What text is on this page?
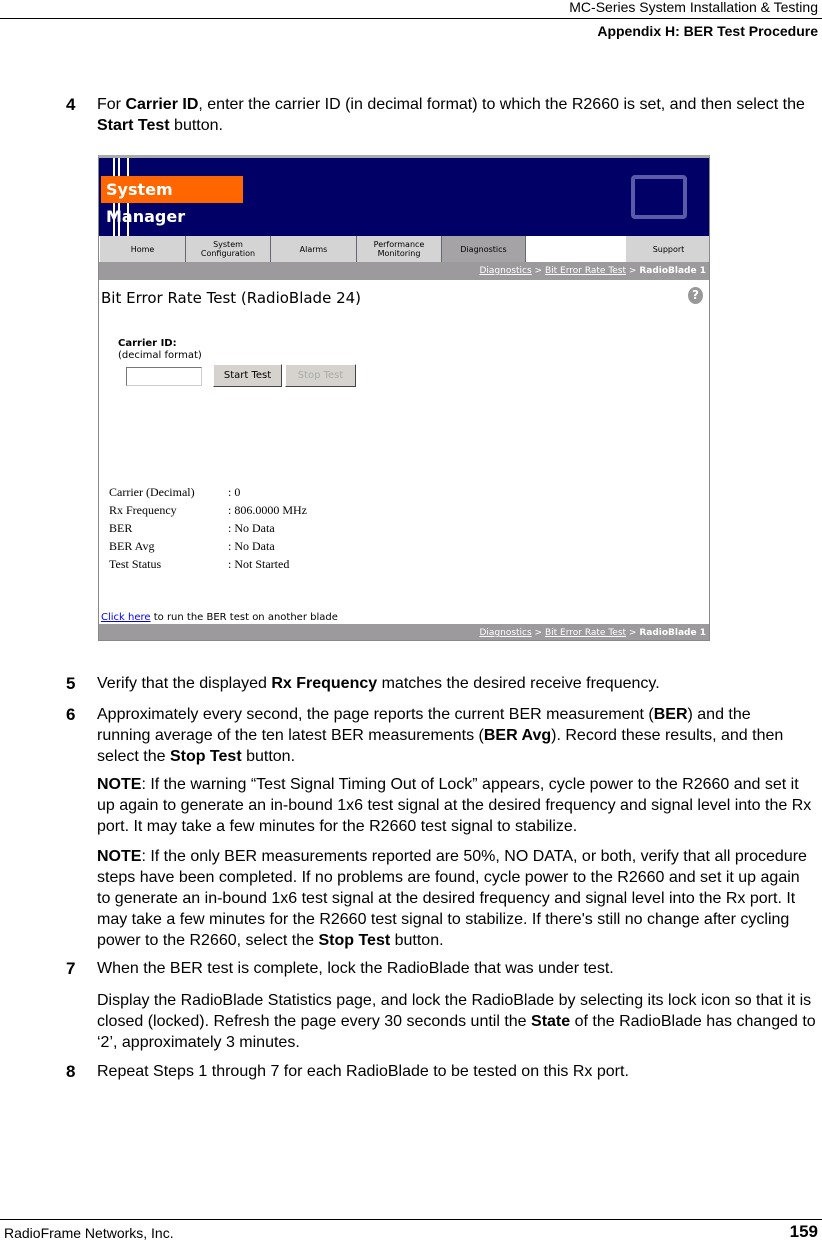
MC-Series System Installation & Testing
Appendix H: BER Test Procedure
4 For Carrier ID, enter the carrier ID (in decimal format) to which the R2660 is set, and then select the Start Test button.
System Manager
Home	System Configuration	Alarms	Performance Monitoring	Diagnostics	Support
Diagnostics > Bit Error Rate Test > RadioBlade 1
Bit Error Rate Test (RadioBlade 24)	?
Carrier ID:
(decimal format)
Start Test	Stop Test
Carrier (Decimal)	: 0
Rx Frequency	: 806.0000 MHz
BER	: No Data
BER Avg	: No Data
Test Status	: Not Started
Click here to run the BER test on another blade
Diagnostics > Bit Error Rate Test > RadioBlade 1
5 Verify that the displayed Rx Frequency matches the desired receive frequency.
6 Approximately every second, the page reports the current BER measurement (BER) and the running average of the ten latest BER measurements (BER Avg). Record these results, and then select the Stop Test button.
NOTE: If the warning “Test Signal Timing Out of Lock” appears, cycle power to the R2660 and set it up again to generate an in-bound 1x6 test signal at the desired frequency and signal level into the Rx port. It may take a few minutes for the R2660 test signal to stabilize.
NOTE: If the only BER measurements reported are 50%, NO DATA, or both, verify that all procedure steps have been completed. If no problems are found, cycle power to the R2660 and set it up again to generate an in-bound 1x6 test signal at the desired frequency and signal level into the Rx port. It may take a few minutes for the R2660 test signal to stabilize. If there's still no change after cycling power to the R2660, select the Stop Test button.
7 When the BER test is complete, lock the RadioBlade that was under test.
Display the RadioBlade Statistics page, and lock the RadioBlade by selecting its lock icon so that it is closed (locked). Refresh the page every 30 seconds until the State of the RadioBlade has changed to ‘2’, approximately 3 minutes.
8 Repeat Steps 1 through 7 for each RadioBlade to be tested on this Rx port.
RadioFrame Networks, Inc.	159
